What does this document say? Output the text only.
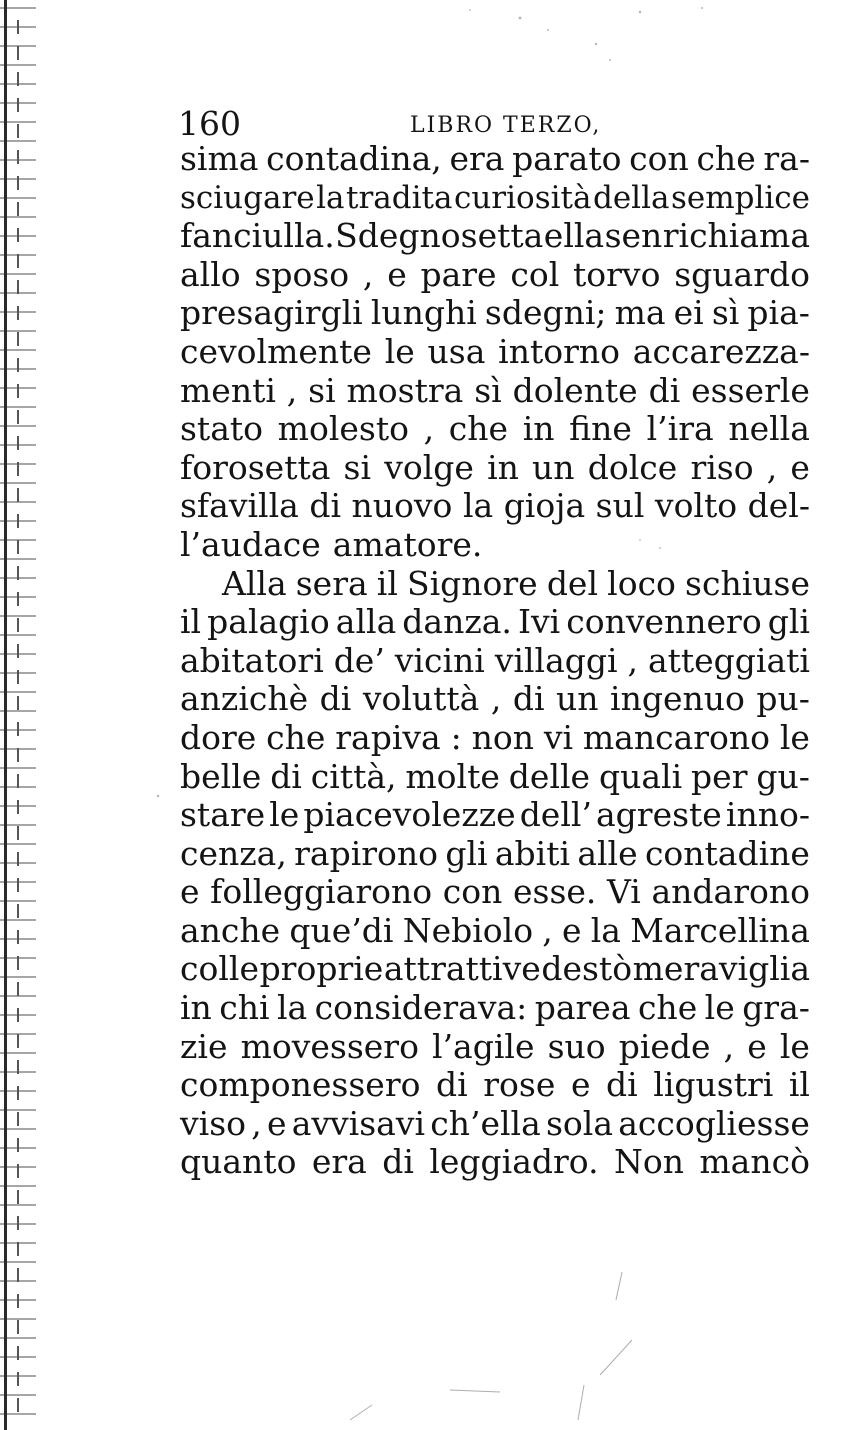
160	LIBRO TERZO,
sima contadina, era parato con che ra-
sciugare la tradita curiosità della semplice
fanciulla. Sdegnosetta ella sen richiama
allo sposo , e pare col torvo sguardo
presagirgli lunghi sdegni; ma ei sì pia-
cevolmente le usa intorno accarezza-
menti , si mostra sì dolente di esserle
stato molesto , che in fine l’ira nella
forosetta si volge in un dolce riso , e
sfavilla di nuovo la gioja sul volto del-
l’audace amatore.
Alla sera il Signore del loco schiuse
il palagio alla danza. Ivi convennero gli
abitatori de’ vicini villaggi , atteggiati
anzichè di voluttà , di un ingenuo pu-
dore che rapiva : non vi mancarono le
belle di città, molte delle quali per gu-
stare le piacevolezze dell’ agreste inno-
cenza, rapirono gli abiti alle contadine
e folleggiarono con esse. Vi andarono
anche que’di Nebiolo , e la Marcellina
colle proprie attrattive destò meraviglia
in chi la considerava: parea che le gra-
zie movessero l’agile suo piede , e le
componessero di rose e di ligustri il
viso , e avvisavi ch’ella sola accogliesse
quanto era di leggiadro. Non mancò
